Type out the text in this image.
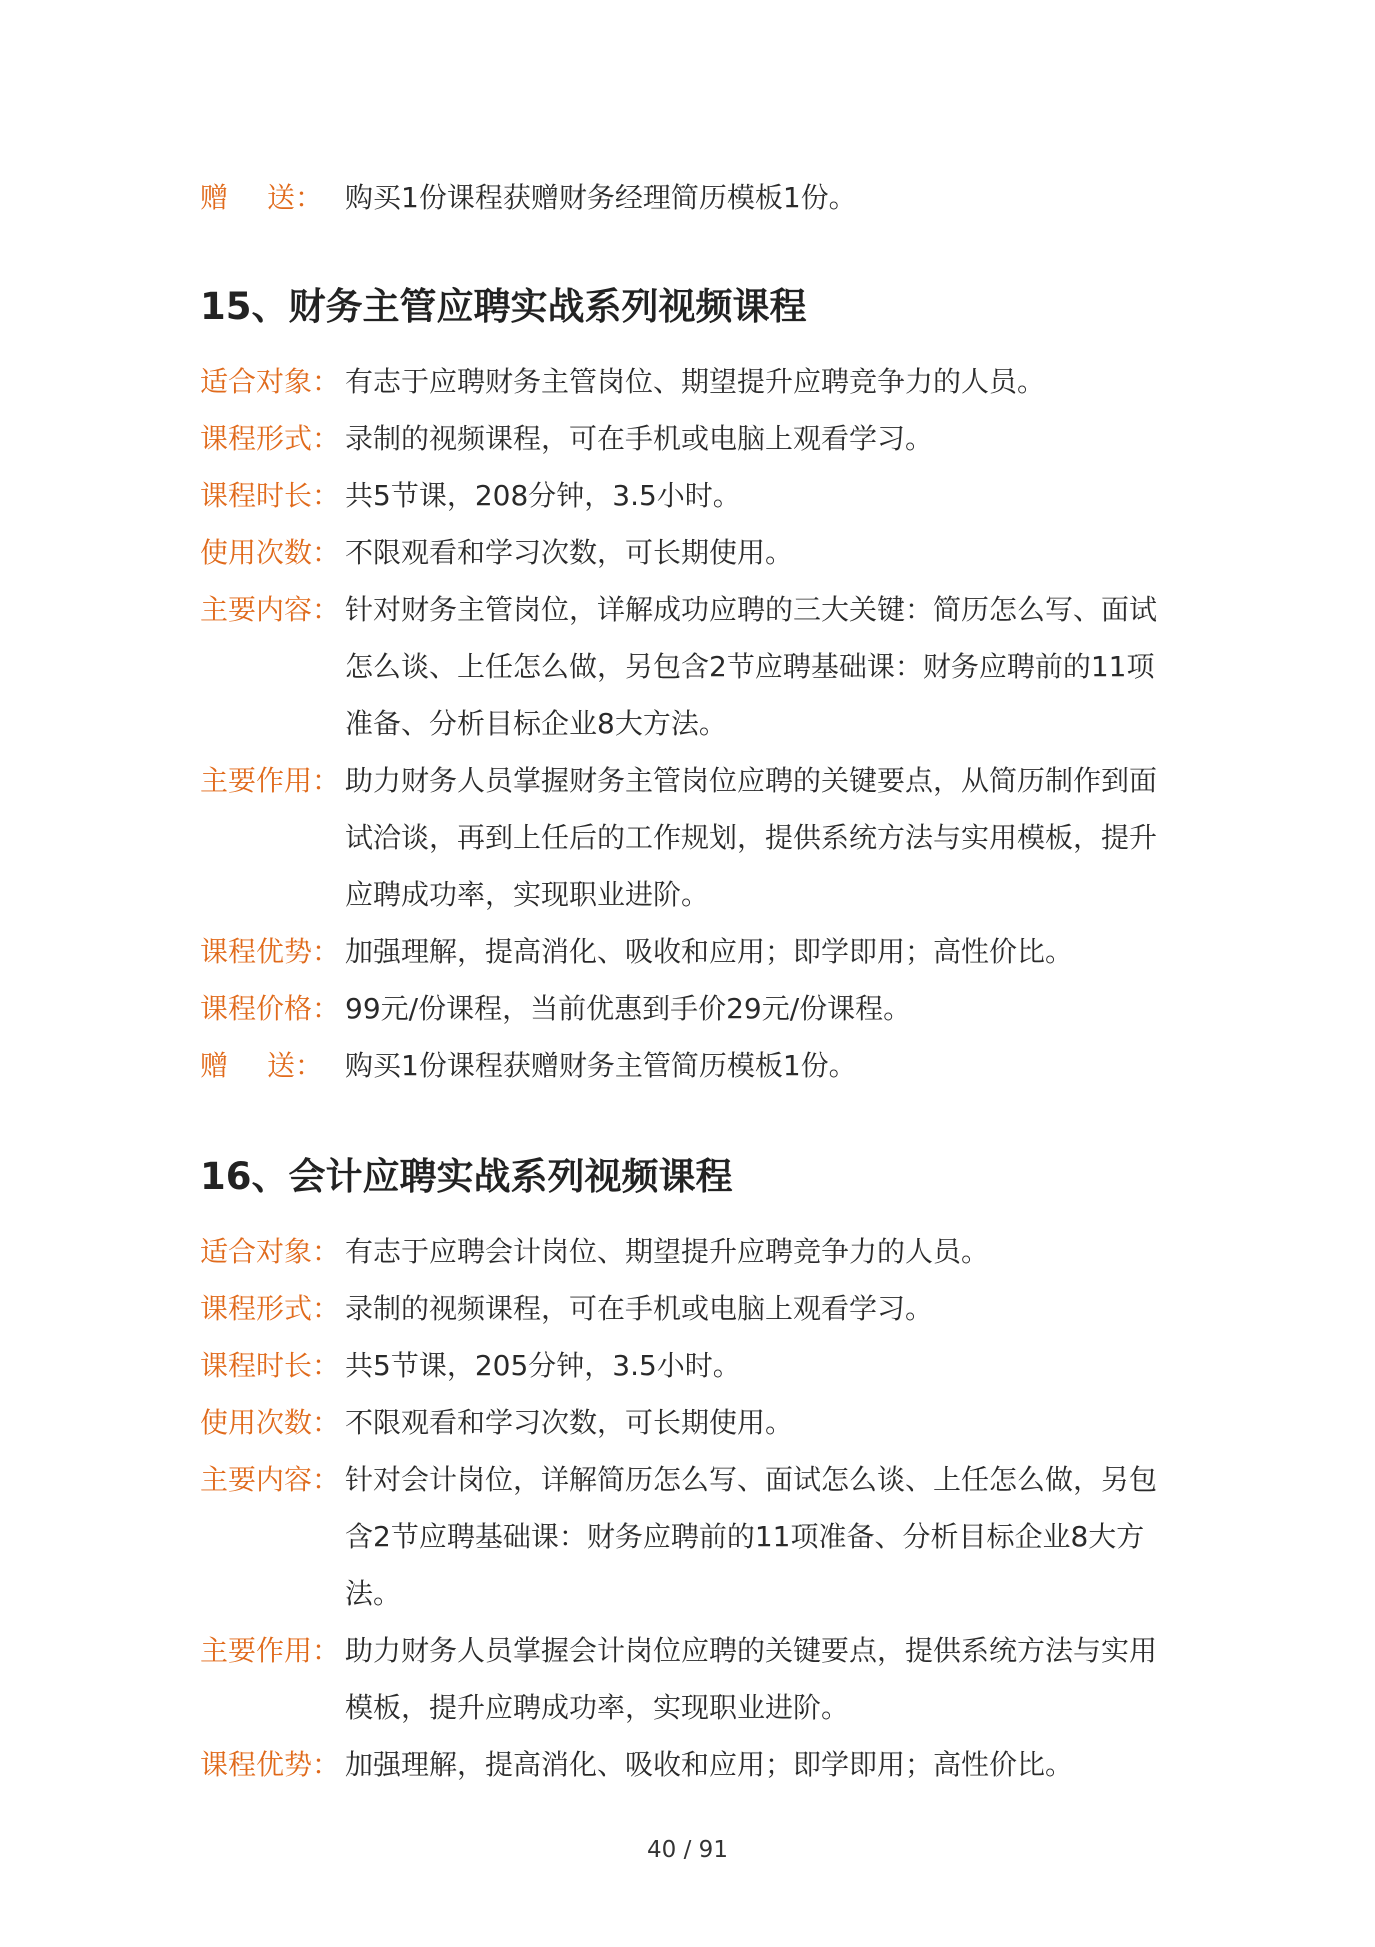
赠 送： 购买1份课程获赠财务经理简历模板1份。
15、财务主管应聘实战系列视频课程
适合对象： 有志于应聘财务主管岗位、期望提升应聘竞争力的人员。
课程形式： 录制的视频课程，可在手机或电脑上观看学习。
课程时长： 共5节课，208分钟，3.5小时。
使用次数： 不限观看和学习次数，可长期使用。
主要内容： 针对财务主管岗位，详解成功应聘的三大关键：简历怎么写、面试怎么谈、上任怎么做，另包含2节应聘基础课：财务应聘前的11项准备、分析目标企业8大方法。
主要作用： 助力财务人员掌握财务主管岗位应聘的关键要点，从简历制作到面试洽谈，再到上任后的工作规划，提供系统方法与实用模板，提升应聘成功率，实现职业进阶。
课程优势： 加强理解，提高消化、吸收和应用；即学即用；高性价比。
课程价格： 99元/份课程，当前优惠到手价29元/份课程。
赠 送： 购买1份课程获赠财务主管简历模板1份。
16、会计应聘实战系列视频课程
适合对象： 有志于应聘会计岗位、期望提升应聘竞争力的人员。
课程形式： 录制的视频课程，可在手机或电脑上观看学习。
课程时长： 共5节课，205分钟，3.5小时。
使用次数： 不限观看和学习次数，可长期使用。
主要内容： 针对会计岗位，详解简历怎么写、面试怎么谈、上任怎么做，另包含2节应聘基础课：财务应聘前的11项准备、分析目标企业8大方法。
主要作用： 助力财务人员掌握会计岗位应聘的关键要点，提供系统方法与实用模板，提升应聘成功率，实现职业进阶。
课程优势： 加强理解，提高消化、吸收和应用；即学即用；高性价比。
40 / 91
